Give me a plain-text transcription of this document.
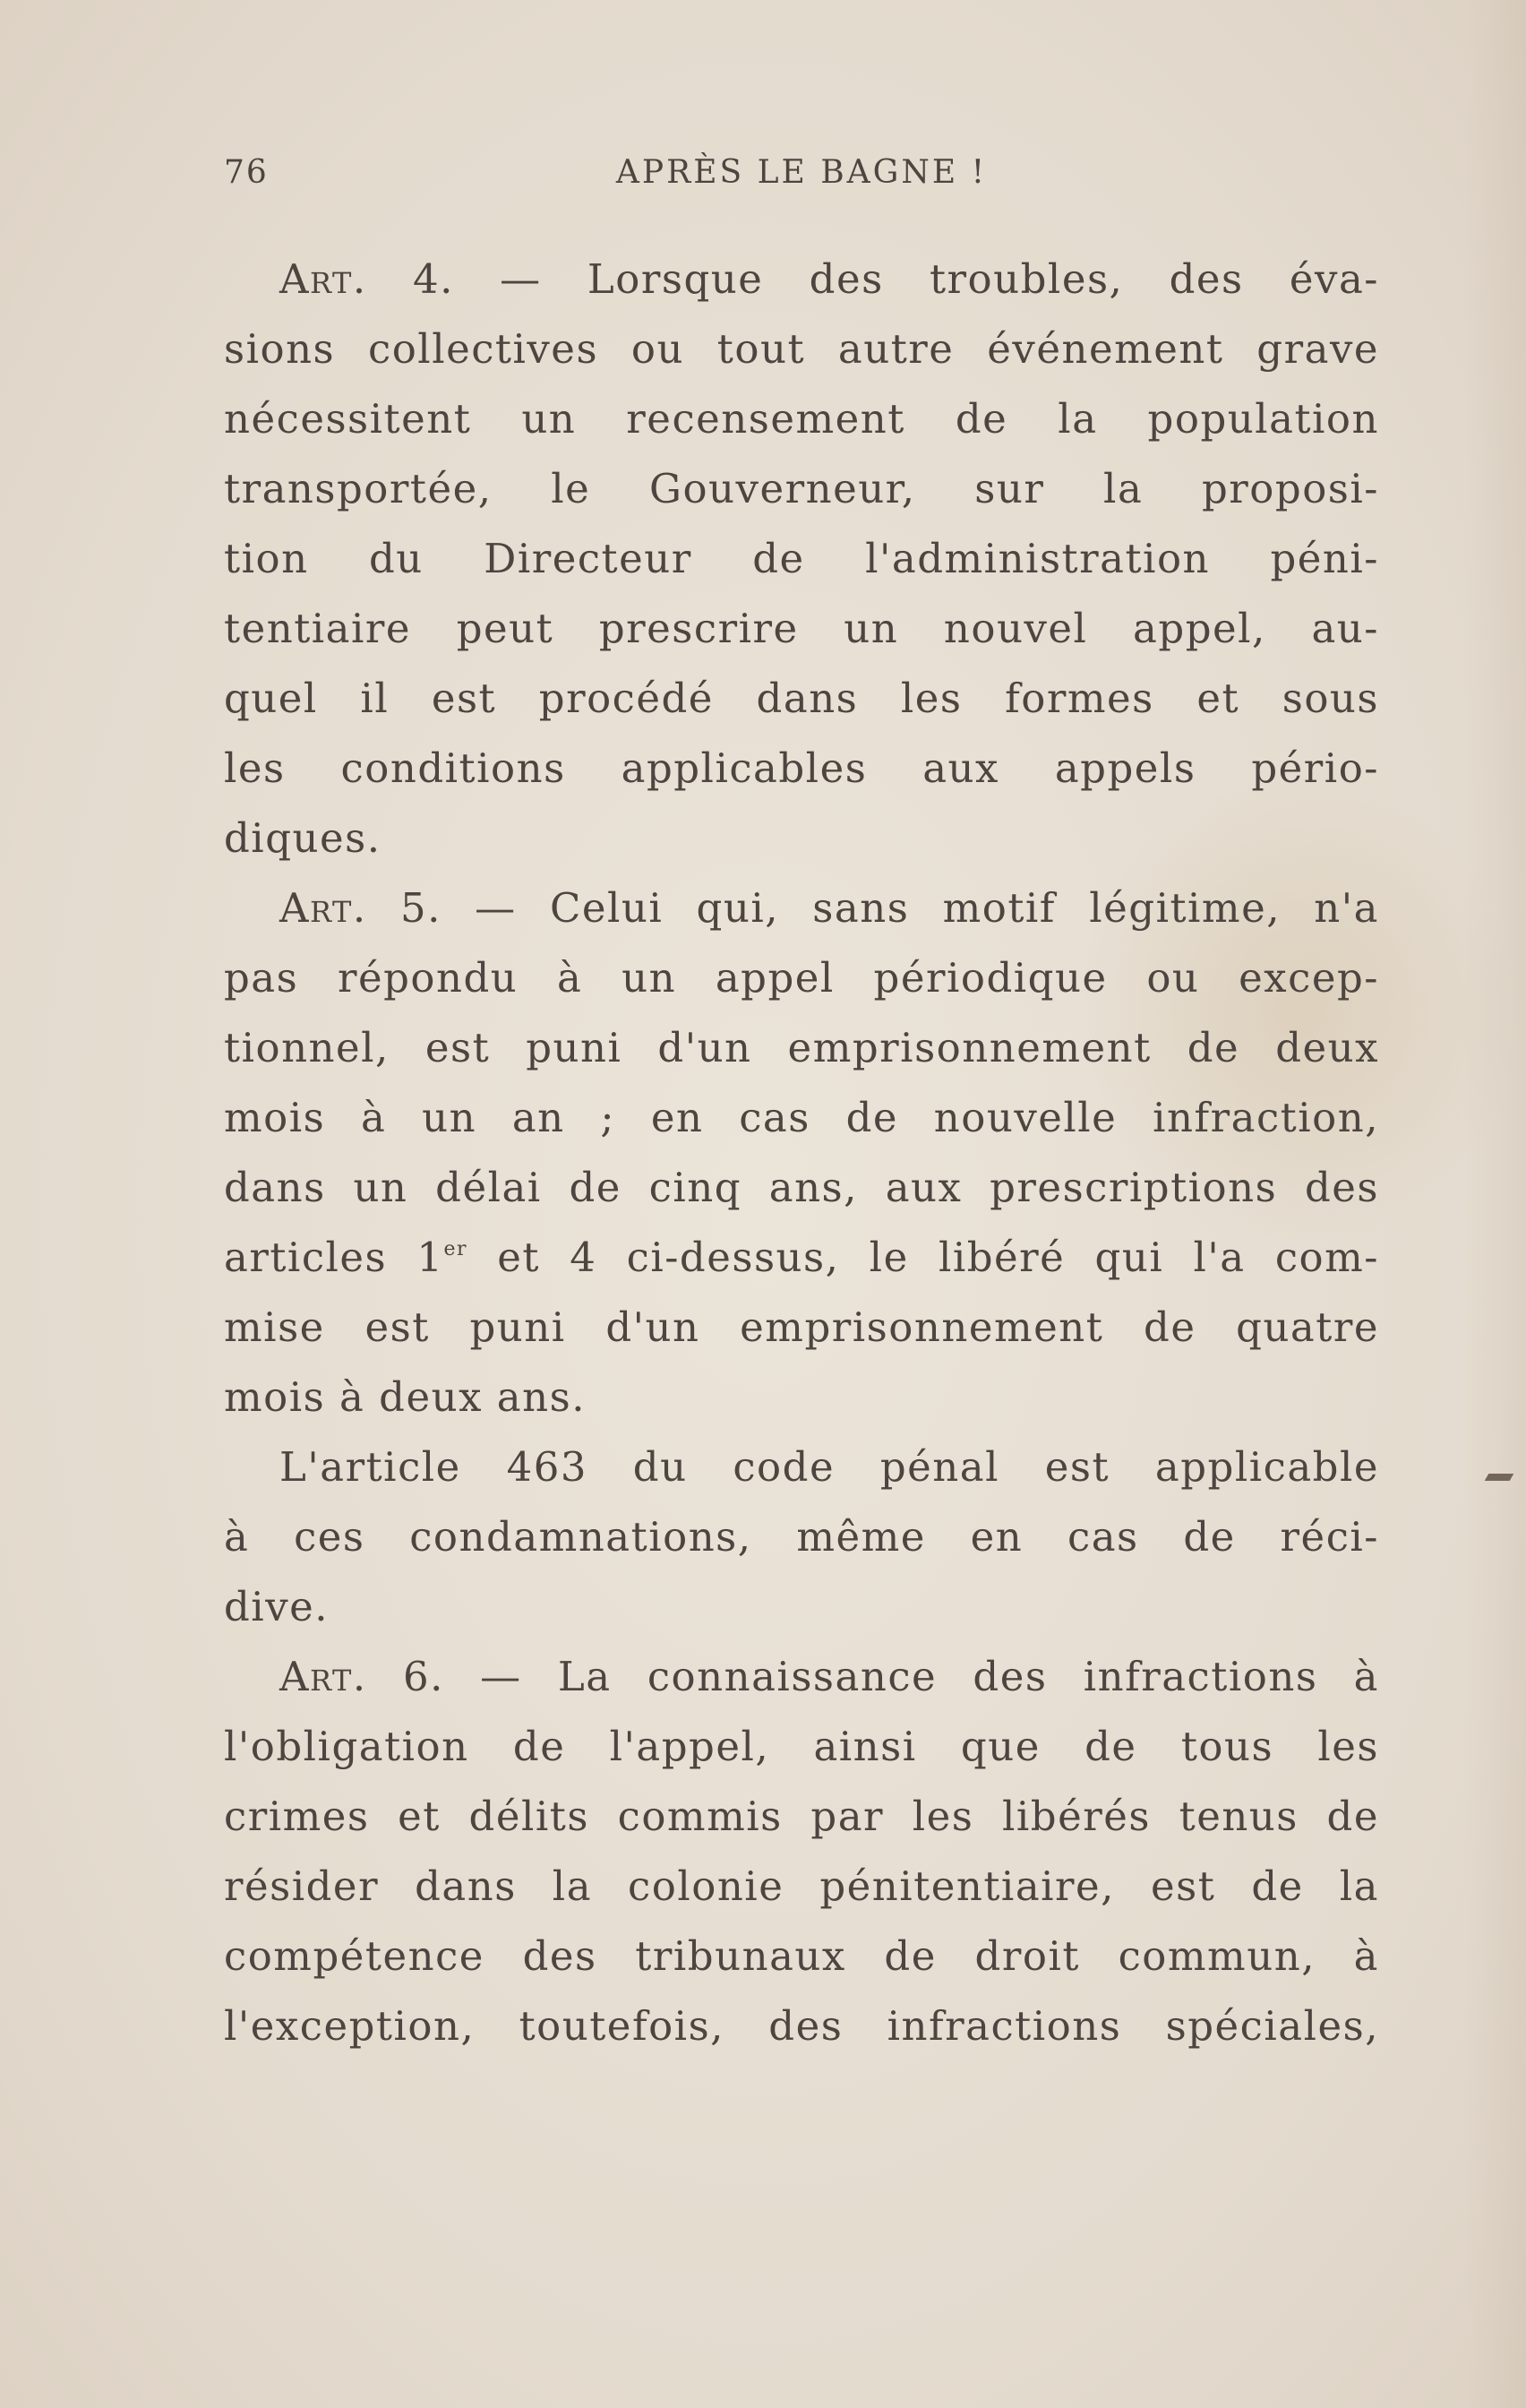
76	APRÈS LE BAGNE !
Art. 4. — Lorsque des troubles, des éva-
sions collectives ou tout autre événement grave
nécessitent un recensement de la population
transportée, le Gouverneur, sur la proposi-
tion du Directeur de l'administration péni-
tentiaire peut prescrire un nouvel appel, au-
quel il est procédé dans les formes et sous
les conditions applicables aux appels pério-
diques.
Art. 5. — Celui qui, sans motif légitime, n'a
pas répondu à un appel périodique ou excep-
tionnel, est puni d'un emprisonnement de deux
mois à un an ; en cas de nouvelle infraction,
dans un délai de cinq ans, aux prescriptions des
articles 1er et 4 ci-dessus, le libéré qui l'a com-
mise est puni d'un emprisonnement de quatre
mois à deux ans.
L'article 463 du code pénal est applicable
à ces condamnations, même en cas de réci-
dive.
Art. 6. — La connaissance des infractions à
l'obligation de l'appel, ainsi que de tous les
crimes et délits commis par les libérés tenus de
résider dans la colonie pénitentiaire, est de la
compétence des tribunaux de droit commun, à
l'exception, toutefois, des infractions spéciales,
